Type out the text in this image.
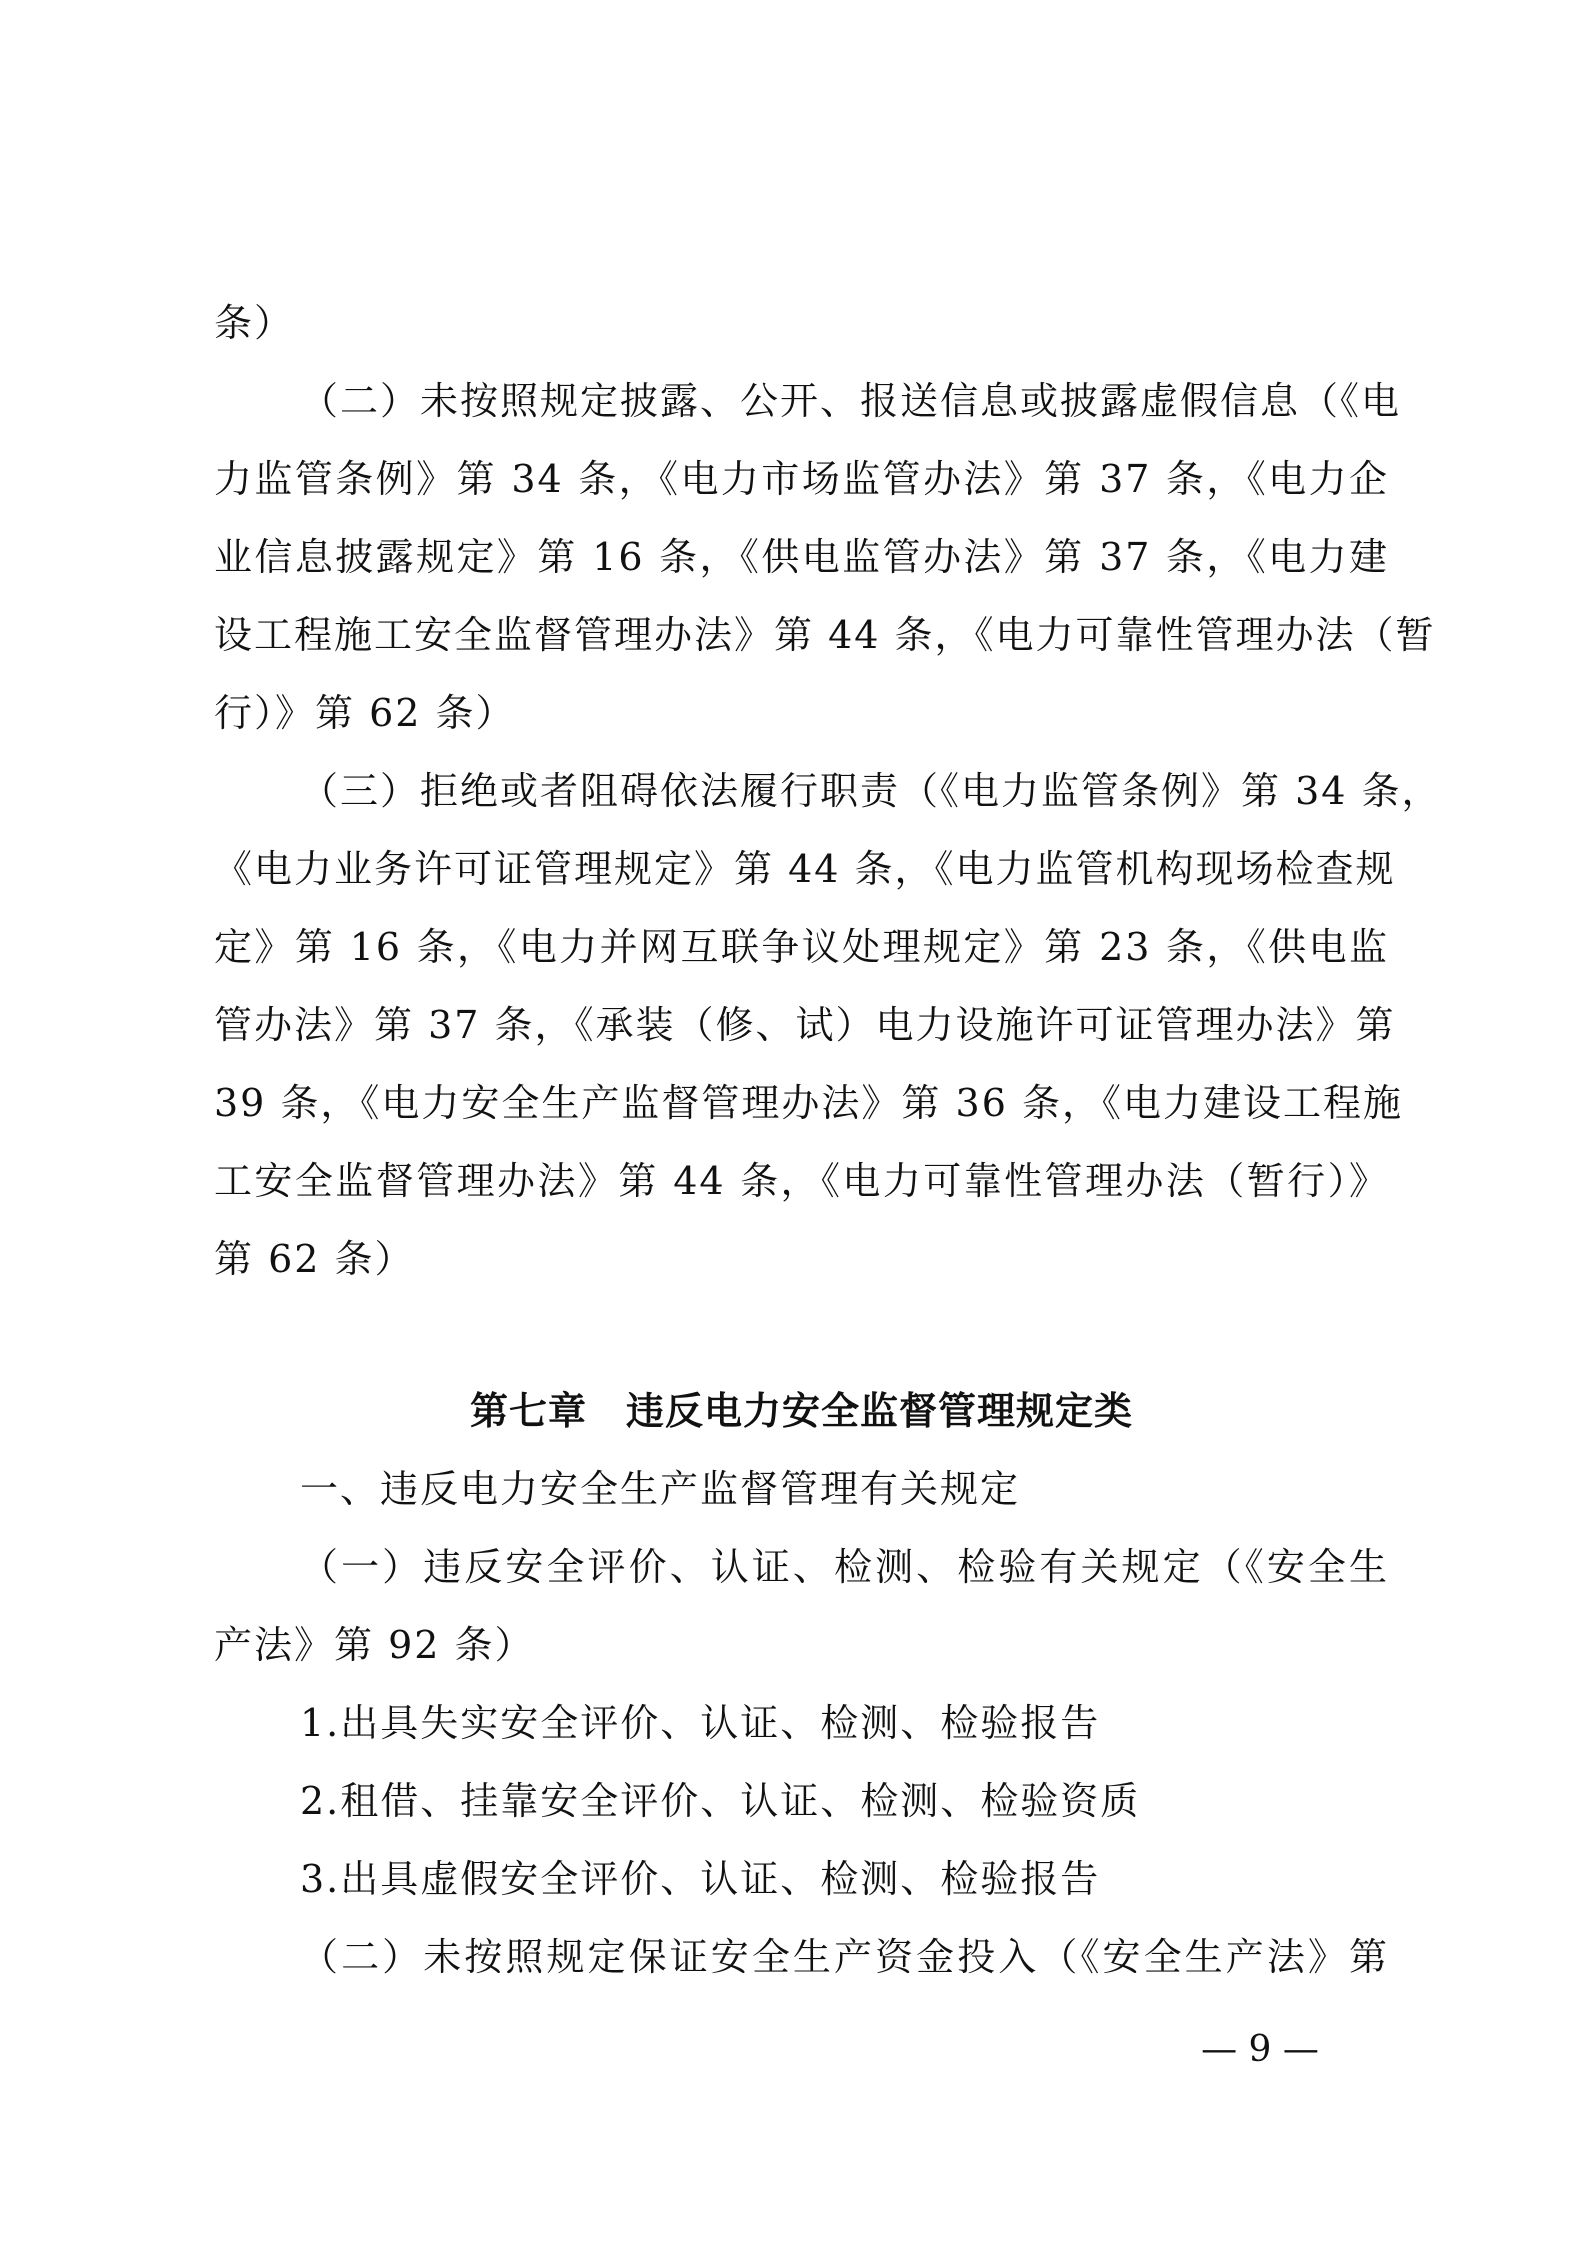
条）
（二）未按照规定披露、公开、报送信息或披露虚假信息（《电
力监管条例》第 34 条，《电力市场监管办法》第 37 条，《电力企
业信息披露规定》第 16 条，《供电监管办法》第 37 条，《电力建
设工程施工安全监督管理办法》第 44 条，《电力可靠性管理办法（暂
行）》第 62 条）
（三）拒绝或者阻碍依法履行职责（《电力监管条例》第 34 条，
《电力业务许可证管理规定》第 44 条，《电力监管机构现场检查规
定》第 16 条，《电力并网互联争议处理规定》第 23 条，《供电监
管办法》第 37 条，《承装（修、试）电力设施许可证管理办法》第
39 条，《电力安全生产监督管理办法》第 36 条，《电力建设工程施
工安全监督管理办法》第 44 条，《电力可靠性管理办法（暂行）》
第 62 条）
第七章　违反电力安全监督管理规定类
一、违反电力安全生产监督管理有关规定
（一）违反安全评价、认证、检测、检验有关规定（《安全生
产法》第 92 条）
1.出具失实安全评价、认证、检测、检验报告
2.租借、挂靠安全评价、认证、检测、检验资质
3.出具虚假安全评价、认证、检测、检验报告
（二）未按照规定保证安全生产资金投入（《安全生产法》第
— 9 —
